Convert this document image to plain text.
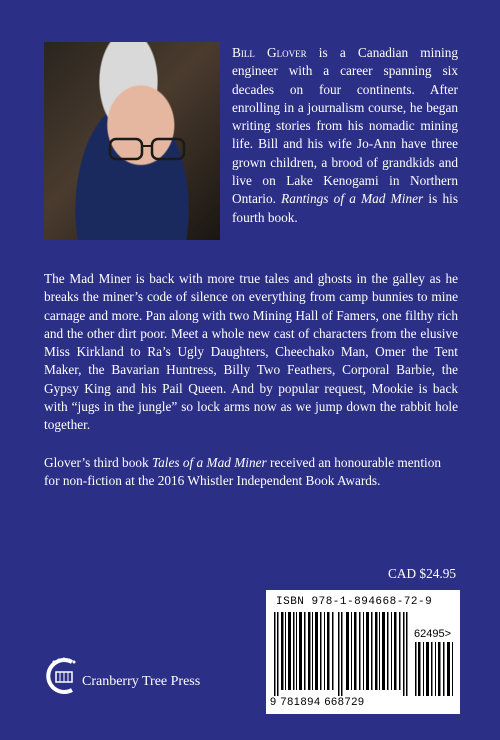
Bill Glover is a Canadian mining engineer with a career spanning six decades on four continents. After enrolling in a journalism course, he began writing stories from his nomadic mining life. Bill and his wife Jo-Ann have three grown children, a brood of grandkids and live on Lake Kenogami in Northern Ontario. Rantings of a Mad Miner is his fourth book.
The Mad Miner is back with more true tales and ghosts in the galley as he breaks the miner’s code of silence on everything from camp bunnies to mine carnage and more. Pan along with two Mining Hall of Famers, one filthy rich and the other dirt poor. Meet a whole new cast of characters from the elusive Miss Kirkland to Ra’s Ugly Daughters, Cheechako Man, Omer the Tent Maker, the Bavarian Huntress, Billy Two Feathers, Corporal Barbie, the Gypsy King and his Pail Queen. And by popular request, Mookie is back with “jugs in the jungle” so lock arms now as we jump down the rabbit hole together.
Glover’s third book Tales of a Mad Miner received an honourable mention for non-fiction at the 2016 Whistler Independent Book Awards.
CAD $24.95
ISBN 978-1-894668-72-9
62495>
9 781894 668729
Cranberry Tree Press
